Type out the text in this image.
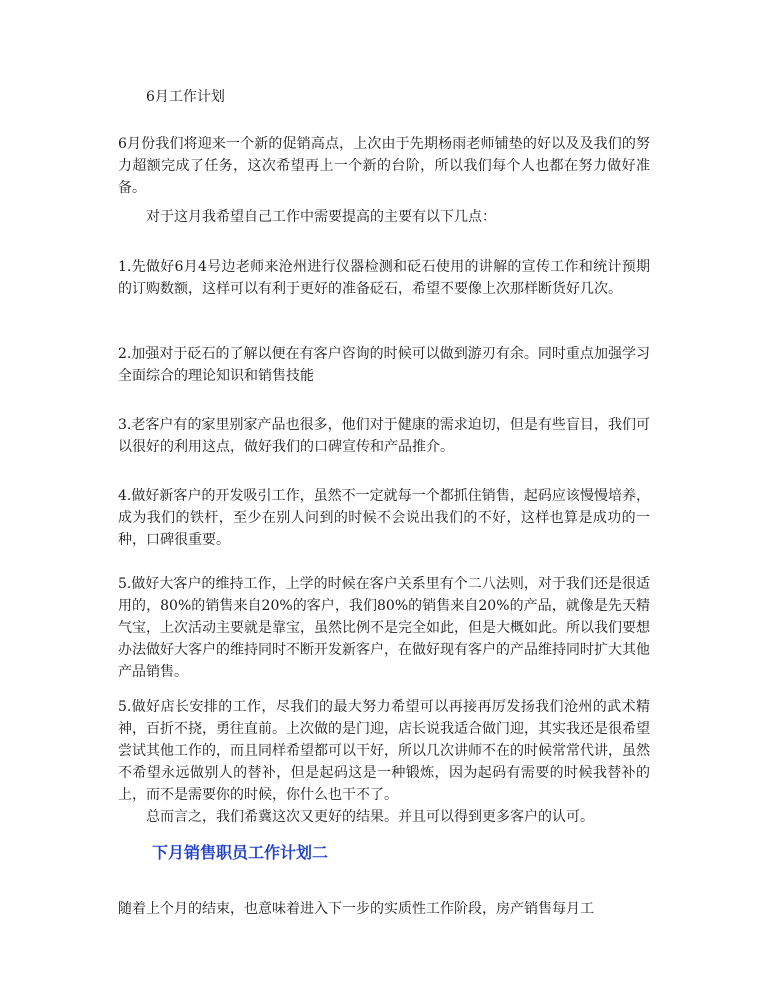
6月工作计划

6月份我们将迎来一个新的促销高点，上次由于先期杨雨老师铺垫的好以及及我们的努力超额完成了任务，这次希望再上一个新的台阶，所以我们每个人也都在努力做好准备。

对于这月我希望自己工作中需要提高的主要有以下几点：

1.先做好6月4号边老师来沧州进行仪器检测和砭石使用的讲解的宣传工作和统计预期的订购数额，这样可以有利于更好的准备砭石，希望不要像上次那样断货好几次。

2.加强对于砭石的了解以便在有客户咨询的时候可以做到游刃有余。同时重点加强学习全面综合的理论知识和销售技能

3.老客户有的家里别家产品也很多，他们对于健康的需求迫切，但是有些盲目，我们可以很好的利用这点，做好我们的口碑宣传和产品推介。

4.做好新客户的开发吸引工作，虽然不一定就每一个都抓住销售，起码应该慢慢培养，成为我们的铁杆，至少在别人问到的时候不会说出我们的不好，这样也算是成功的一种，口碑很重要。

5.做好大客户的维持工作，上学的时候在客户关系里有个二八法则，对于我们还是很适用的，80%的销售来自20%的客户，我们80%的销售来自20%的产品，就像是先天精气宝，上次活动主要就是靠宝，虽然比例不是完全如此，但是大概如此。所以我们要想办法做好大客户的维持同时不断开发新客户，在做好现有客户的产品维持同时扩大其他产品销售。

5.做好店长安排的工作，尽我们的最大努力希望可以再接再厉发扬我们沧州的武术精神，百折不挠，勇往直前。上次做的是门迎，店长说我适合做门迎，其实我还是很希望尝试其他工作的，而且同样希望都可以干好，所以几次讲师不在的时候常常代讲，虽然不希望永远做别人的替补，但是起码这是一种锻炼，因为起码有需要的时候我替补的上，而不是需要你的时候，你什么也干不了。

总而言之，我们希冀这次又更好的结果。并且可以得到更多客户的认可。

下月销售职员工作计划二

随着上个月的结束，也意味着进入下一步的实质性工作阶段，房产销售每月工
